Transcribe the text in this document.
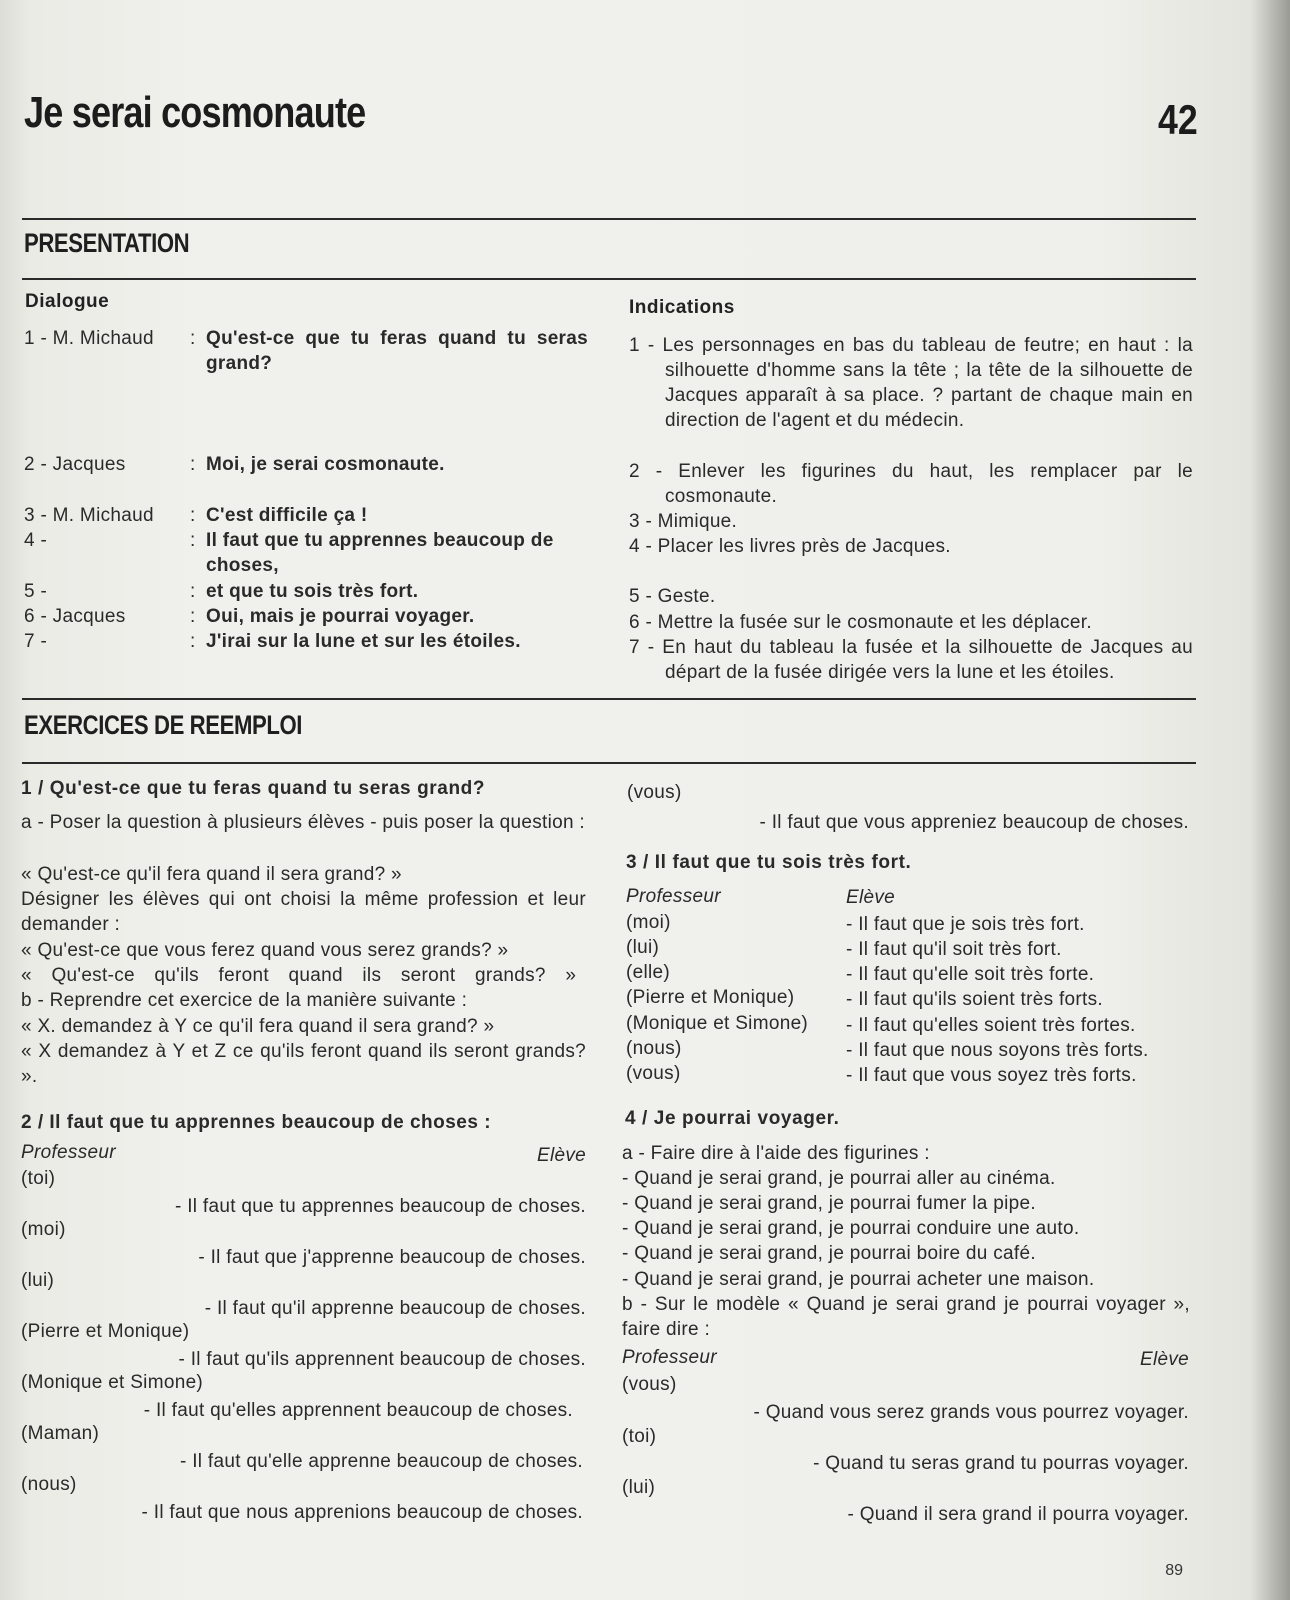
Je serai cosmonaute	42
PRESENTATION
Dialogue
1 - M. Michaud : Qu'est-ce que tu feras quand tu seras grand?
2 - Jacques	: Moi, je serai cosmonaute.
3 - M. Michaud : C'est difficile ça !
4 -	: Il faut que tu apprennes beaucoup de choses,
5 -	: et que tu sois très fort.
6 - Jacques	: Oui, mais je pourrai voyager.
7 -	: J'irai sur la lune et sur les étoiles.
Indications
1 - Les personnages en bas du tableau de feutre; en haut : la silhouette d'homme sans la tête ; la tête de la silhouette de Jacques apparaît à sa place. ? partant de chaque main en direction de l'agent et du médecin.
2 - Enlever les figurines du haut, les remplacer par le cosmonaute.
3 - Mimique.
4 - Placer les livres près de Jacques.
5 - Geste.
6 - Mettre la fusée sur le cosmonaute et les déplacer.
7 - En haut du tableau la fusée et la silhouette de Jacques au départ de la fusée dirigée vers la lune et les étoiles.
EXERCICES DE REEMPLOI
1 / Qu'est-ce que tu feras quand tu seras grand?
a - Poser la question à plusieurs élèves - puis poser la question :
« Qu'est-ce qu'il fera quand il sera grand? »
Désigner les élèves qui ont choisi la même profession et leur demander :
« Qu'est-ce que vous ferez quand vous serez grands? »
« Qu'est-ce qu'ils feront quand ils seront grands? »
b - Reprendre cet exercice de la manière suivante :
« X. demandez à Y ce qu'il fera quand il sera grand? »
« X demandez à Y et Z ce qu'ils feront quand ils seront grands? ».
2 / Il faut que tu apprennes beaucoup de choses :
Professeur	Elève
(toi)
- Il faut que tu apprennes beaucoup de choses.
(moi)
- Il faut que j'apprenne beaucoup de choses.
(lui)
- Il faut qu'il apprenne beaucoup de choses.
(Pierre et Monique)
- Il faut qu'ils apprennent beaucoup de choses.
(Monique et Simone)
- Il faut qu'elles apprennent beaucoup de choses.
(Maman)
- Il faut qu'elle apprenne beaucoup de choses.
(nous)
- Il faut que nous apprenions beaucoup de choses.
(vous)
- Il faut que vous appreniez beaucoup de choses.
3 / Il faut que tu sois très fort.
Professeur	Elève
(moi)	- Il faut que je sois très fort.
(lui)	- Il faut qu'il soit très fort.
(elle)	- Il faut qu'elle soit très forte.
(Pierre et Monique)	- Il faut qu'ils soient très forts.
(Monique et Simone) - Il faut qu'elles soient très fortes.
(nous)	- Il faut que nous soyons très forts.
(vous)	- Il faut que vous soyez très forts.
4 / Je pourrai voyager.
a - Faire dire à l'aide des figurines :
- Quand je serai grand, je pourrai aller au cinéma.
- Quand je serai grand, je pourrai fumer la pipe.
- Quand je serai grand, je pourrai conduire une auto.
- Quand je serai grand, je pourrai boire du café.
- Quand je serai grand, je pourrai acheter une maison.
b - Sur le modèle « Quand je serai grand je pourrai voyager », faire dire :
Professeur	Elève
(vous)
- Quand vous serez grands vous pourrez voyager.
(toi)
- Quand tu seras grand tu pourras voyager.
(lui)
- Quand il sera grand il pourra voyager.
89
